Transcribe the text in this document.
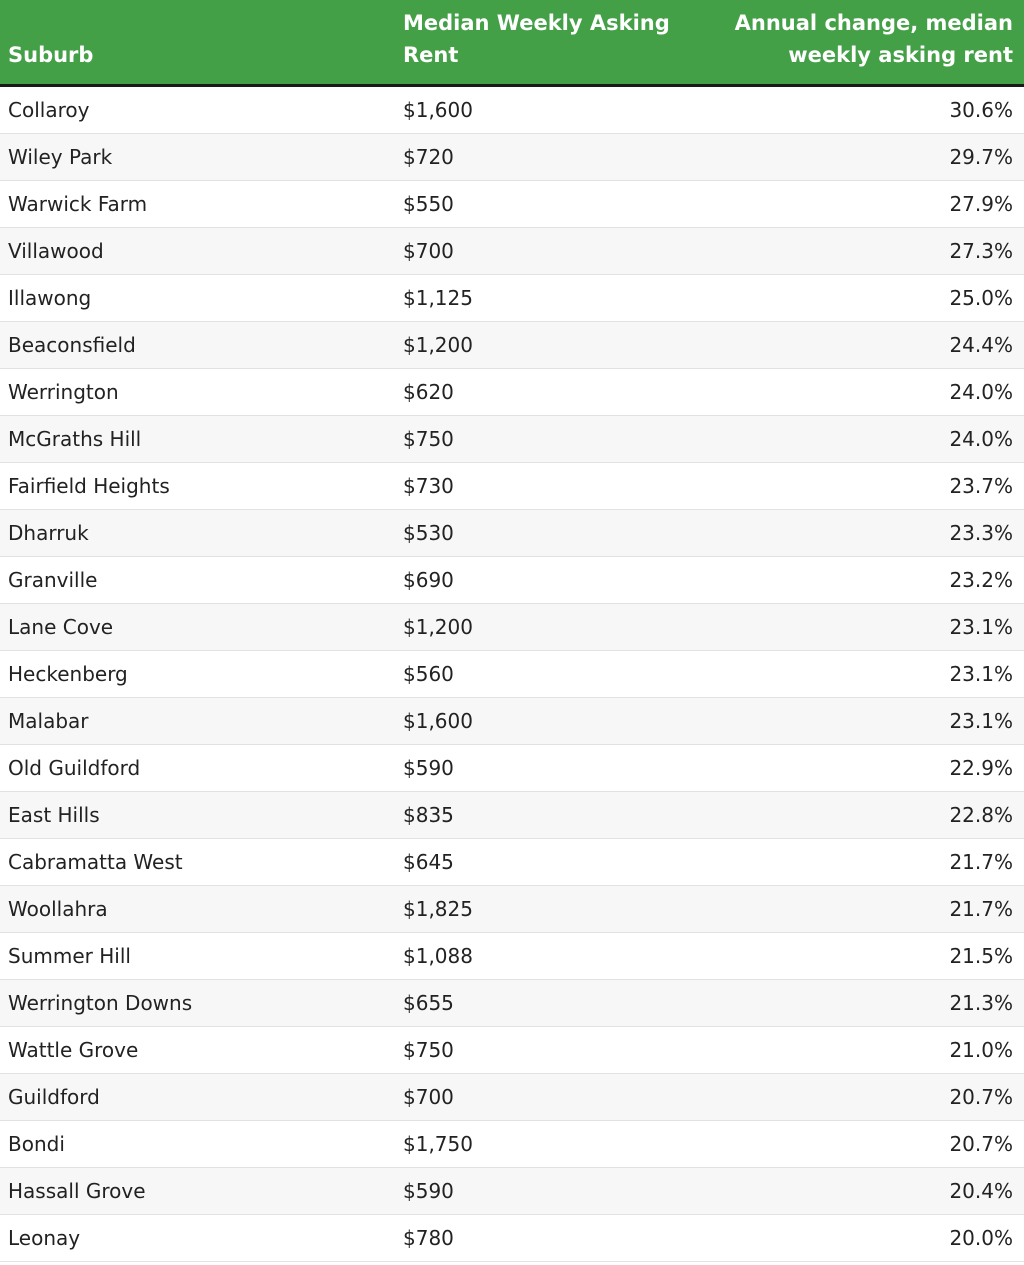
Suburb	Median Weekly Asking Rent	Annual change, median weekly asking rent
Collaroy	$1,600	30.6%
Wiley Park	$720	29.7%
Warwick Farm	$550	27.9%
Villawood	$700	27.3%
Illawong	$1,125	25.0%
Beaconsfield	$1,200	24.4%
Werrington	$620	24.0%
McGraths Hill	$750	24.0%
Fairfield Heights	$730	23.7%
Dharruk	$530	23.3%
Granville	$690	23.2%
Lane Cove	$1,200	23.1%
Heckenberg	$560	23.1%
Malabar	$1,600	23.1%
Old Guildford	$590	22.9%
East Hills	$835	22.8%
Cabramatta West	$645	21.7%
Woollahra	$1,825	21.7%
Summer Hill	$1,088	21.5%
Werrington Downs	$655	21.3%
Wattle Grove	$750	21.0%
Guildford	$700	20.7%
Bondi	$1,750	20.7%
Hassall Grove	$590	20.4%
Leonay	$780	20.0%
